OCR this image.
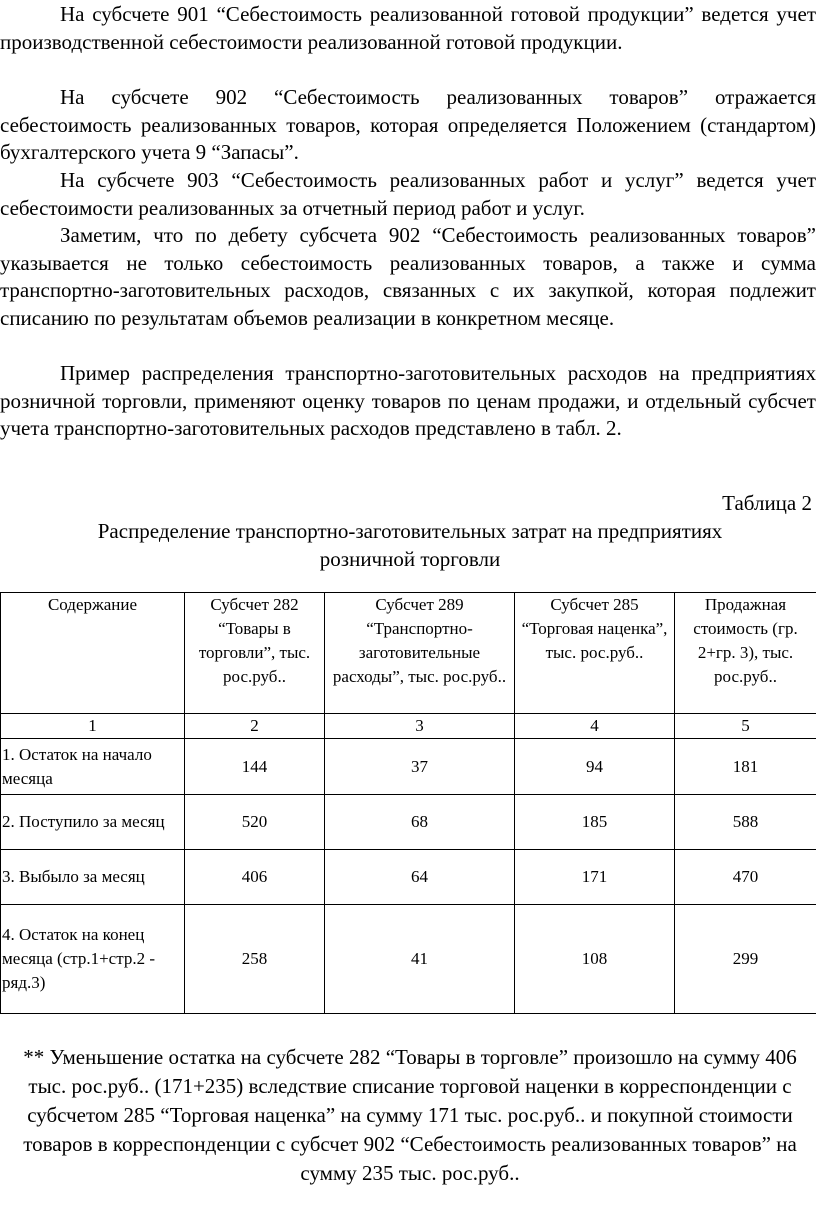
На субсчете 901 “Себестоимость реализованной готовой продукции” ведется учет производственной себестоимости реализованной готовой продукции.

На субсчете 902 “Себестоимость реализованных товаров” отражается себестоимость реализованных товаров, которая определяется Положением (стандартом) бухгалтерского учета 9 “Запасы”.

На субсчете 903 “Себестоимость реализованных работ и услуг” ведется учет себестоимости реализованных за отчетный период работ и услуг.

Заметим, что по дебету субсчета 902 “Себестоимость реализованных товаров” указывается не только себестоимость реализованных товаров, а также и сумма транспортно-заготовительных расходов, связанных с их закупкой, которая подлежит списанию по результатам объемов реализации в конкретном месяце.

Пример распределения транспортно-заготовительных расходов на предприятиях розничной торговли, применяют оценку товаров по ценам продажи, и отдельный субсчет учета транспортно-заготовительных расходов представлено в табл. 2.

Таблица 2
Распределение транспортно-заготовительных затрат на предприятиях розничной торговли
Содержание	Субсчет 282 “Товары в торговли”, тыс. рос.руб..	Субсчет 289 “Транспортно-заготовительные расходы”, тыс. рос.руб..	Субсчет 285 “Торговая наценка”, тыс. рос.руб..	Продажная стоимость (гр. 2+гр. 3), тыс. рос.руб..
1	2	3	4	5
1. Остаток на начало месяца	144	37	94	181
2. Поступило за месяц	520	68	185	588
3. Выбыло за месяц	406	64	171	470
4. Остаток на конец месяца (стр.1+стр.2 - ряд.3)	258	41	108	299
** Уменьшение остатка на субсчете 282 “Товары в торговле” произошло на сумму 406 тыс. рос.руб.. (171+235) вследствие списание торговой наценки в корреспонденции с субсчетом 285 “Торговая наценка” на сумму 171 тыс. рос.руб.. и покупной стоимости товаров в корреспонденции с субсчет 902 “Себестоимость реализованных товаров” на сумму 235 тыс. рос.руб..
